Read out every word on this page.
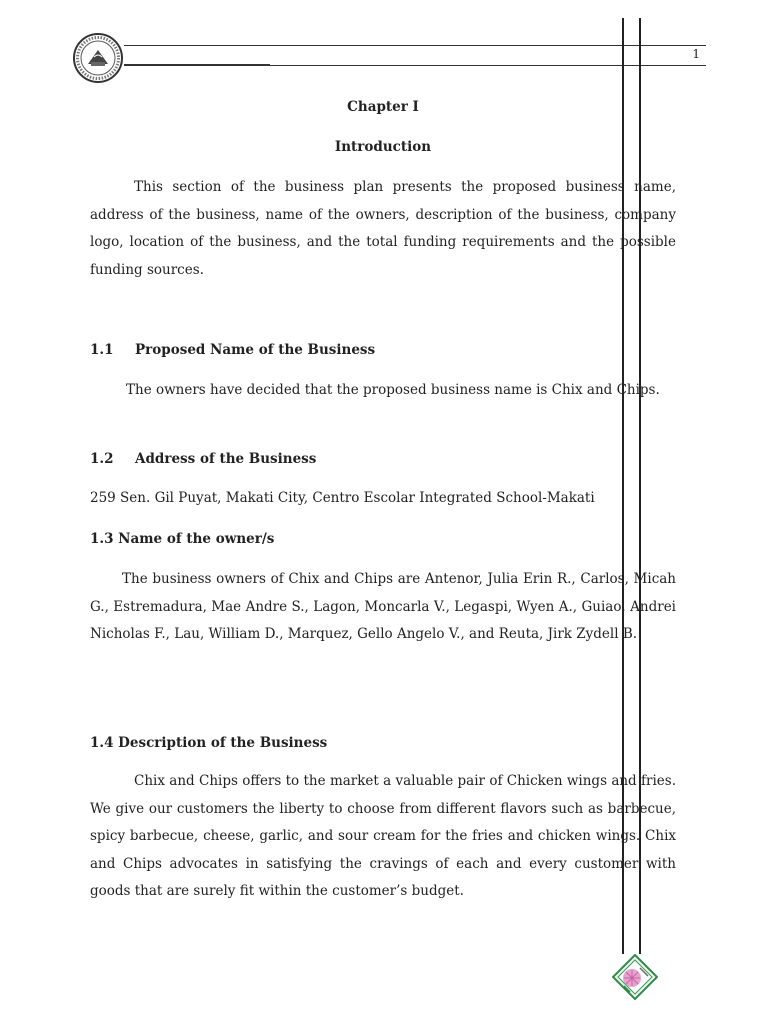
1
Chapter I
Introduction

This section of the business plan presents the proposed business name, address of the business, name of the owners, description of the business, company logo, location of the business, and the total funding requirements and the possible funding sources.

1.1 Proposed Name of the Business

The owners have decided that the proposed business name is Chix and Chips.

1.2 Address of the Business
259 Sen. Gil Puyat, Makati City, Centro Escolar Integrated School-Makati
1.3 Name of the owner/s

The business owners of Chix and Chips are Antenor, Julia Erin R., Carlos, Micah G., Estremadura, Mae Andre S., Lagon, Moncarla V., Legaspi, Wyen A., Guiao, Andrei Nicholas F., Lau, William D., Marquez, Gello Angelo V., and Reuta, Jirk Zydell B.

1.4 Description of the Business

Chix and Chips offers to the market a valuable pair of Chicken wings and fries. We give our customers the liberty to choose from different flavors such as barbecue, spicy barbecue, cheese, garlic, and sour cream for the fries and chicken wings. Chix and Chips advocates in satisfying the cravings of each and every customer with goods that are surely fit within the customer’s budget.
